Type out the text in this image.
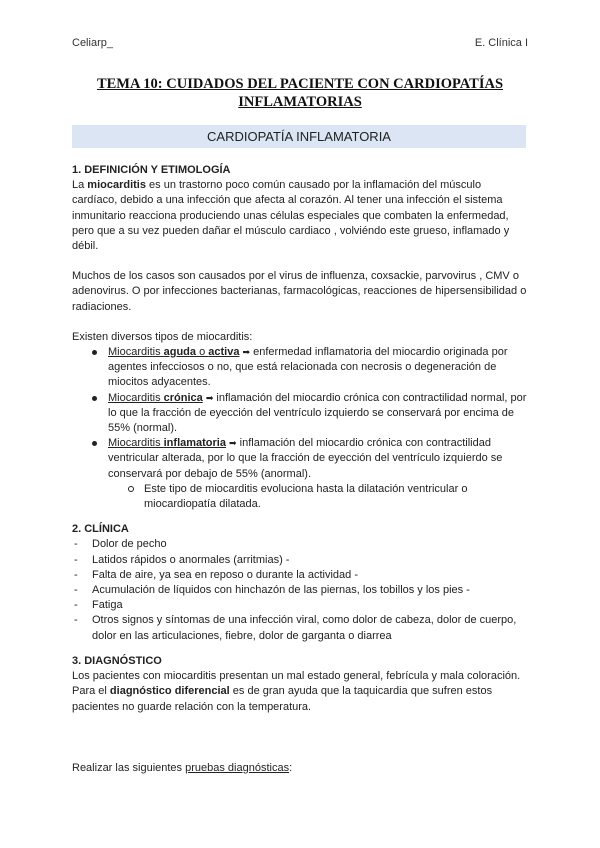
Celiarp_	E. Clínica I
TEMA 10: CUIDADOS DEL PACIENTE CON CARDIOPATÍAS
INFLAMATORIAS
CARDIOPATÍA INFLAMATORIA

1. DEFINICIÓN Y ETIMOLOGÍA

La miocarditis es un trastorno poco común causado por la inflamación del músculo cardíaco, debido a una infección que afecta al corazón. Al tener una infección el sistema inmunitario reacciona produciendo unas células especiales que combaten la enfermedad, pero que a su vez pueden dañar el músculo cardiaco , volviéndo este grueso, inflamado y débil.

Muchos de los casos son causados por el virus de influenza, coxsackie, parvovirus , CMV o adenovirus. O por infecciones bacterianas, farmacológicas, reacciones de hipersensibilidad o radiaciones.

Existen diversos tipos de miocarditis:

Miocarditis aguda o activa ➡ enfermedad inflamatoria del miocardio originada por agentes infecciosos o no, que está relacionada con necrosis o degeneración de miocitos adyacentes.
Miocarditis crónica ➡ inflamación del miocardio crónica con contractilidad normal, por lo que la fracción de eyección del ventrículo izquierdo se conservará por encima de 55% (normal).
Miocarditis inflamatoria ➡ inflamación del miocardio crónica con contractilidad ventricular alterada, por lo que la fracción de eyección del ventrículo izquierdo se conservará por debajo de 55% (anormal).
Este tipo de miocarditis evoluciona hasta la dilatación ventricular o miocardiopatía dilatada.

2. CLÍNICA

- Dolor de pecho
- Latidos rápidos o anormales (arritmias) -
- Falta de aire, ya sea en reposo o durante la actividad -
- Acumulación de líquidos con hinchazón de las piernas, los tobillos y los pies -
- Fatiga
- Otros signos y síntomas de una infección viral, como dolor de cabeza, dolor de cuerpo, dolor en las articulaciones, fiebre, dolor de garganta o diarrea

3. DIAGNÓSTICO

Los pacientes con miocarditis presentan un mal estado general, febrícula y mala coloración.

Para el diagnóstico diferencial es de gran ayuda que la taquicardia que sufren estos pacientes no guarde relación con la temperatura.

Realizar las siguientes pruebas diagnósticas:
